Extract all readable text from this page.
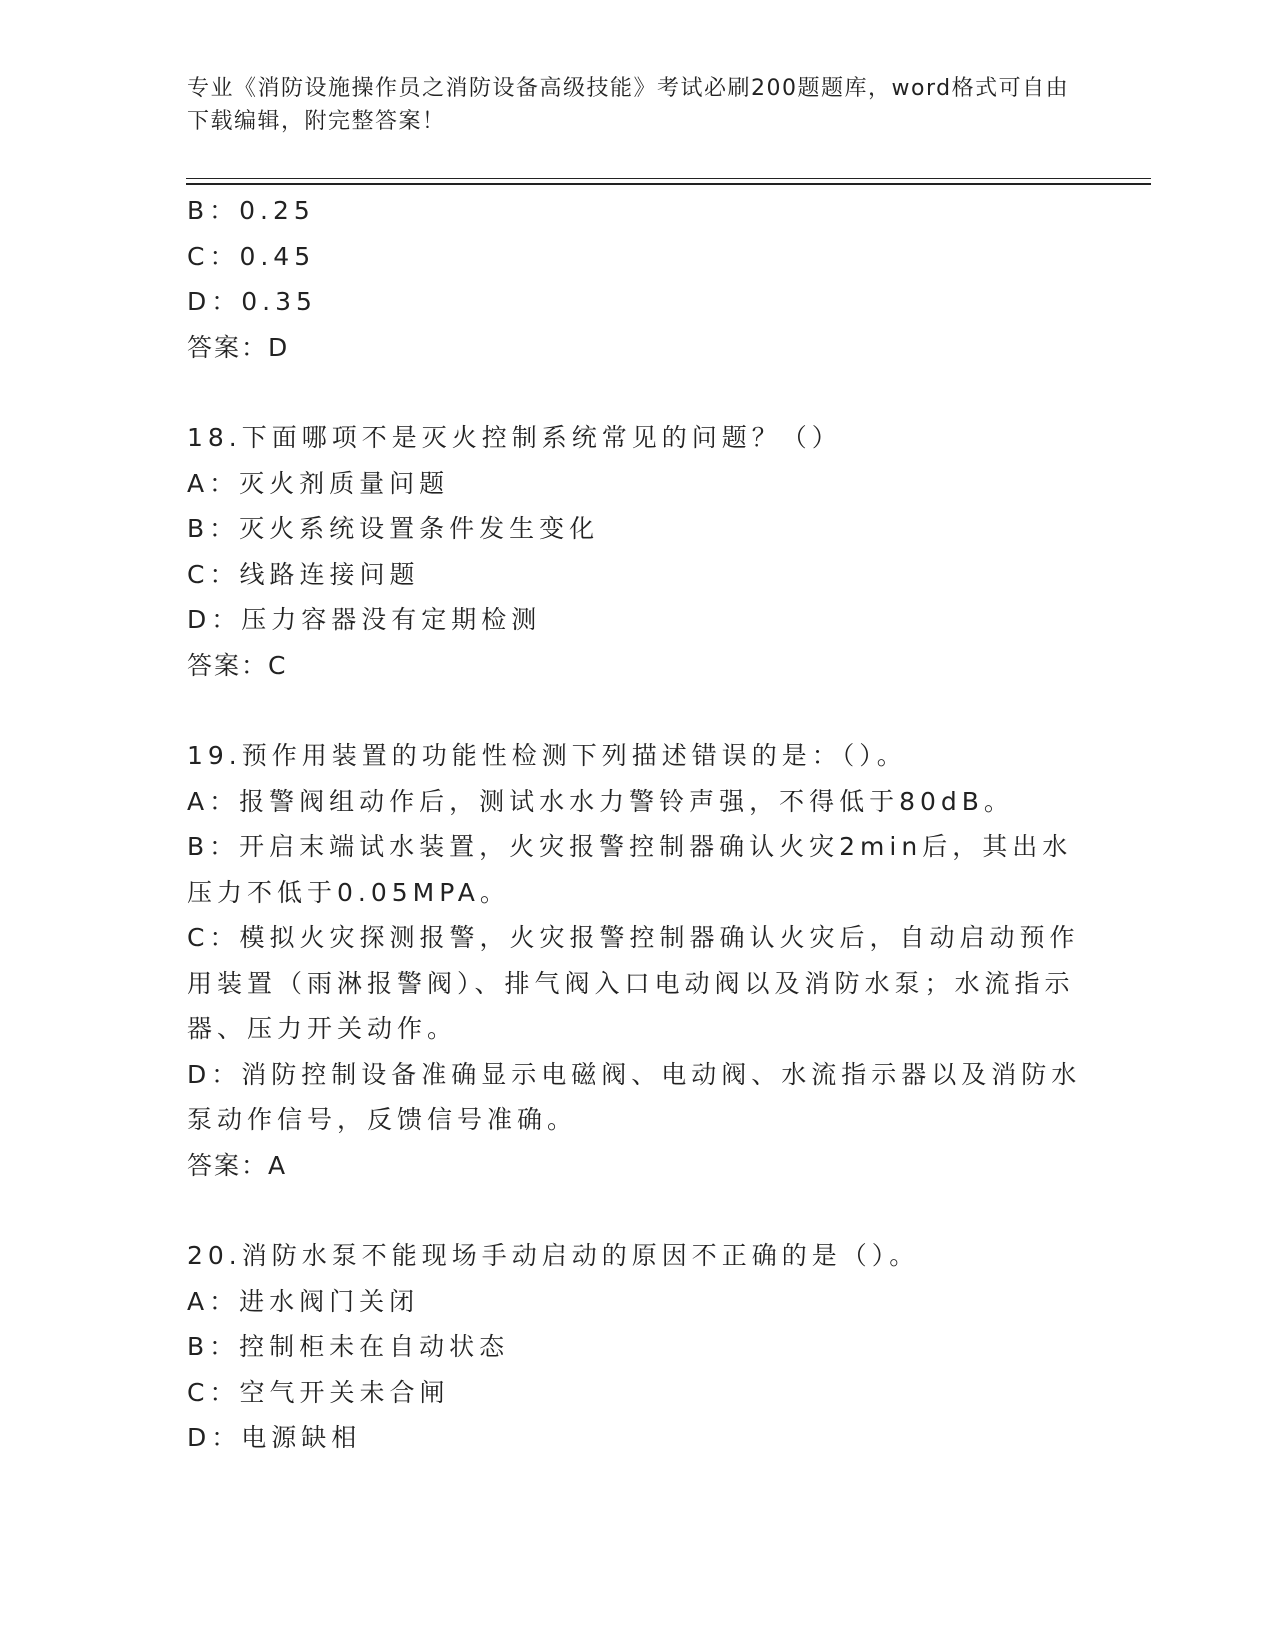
专业《消防设施操作员之消防设备高级技能》考试必刷200题题库，word格式可自由下载编辑，附完整答案！
B：0.25
C：0.45
D：0.35
答案：D
18.下面哪项不是灭火控制系统常见的问题？（）
A：灭火剂质量问题
B：灭火系统设置条件发生变化
C：线路连接问题
D：压力容器没有定期检测
答案：C
19.预作用装置的功能性检测下列描述错误的是：（）。
A：报警阀组动作后，测试水水力警铃声强，不得低于80dB。
B：开启末端试水装置，火灾报警控制器确认火灾2min后，其出水压力不低于0.05MPA。
C：模拟火灾探测报警，火灾报警控制器确认火灾后，自动启动预作用装置（雨淋报警阀）、排气阀入口电动阀以及消防水泵；水流指示器、压力开关动作。
D：消防控制设备准确显示电磁阀、电动阀、水流指示器以及消防水泵动作信号，反馈信号准确。
答案：A
20.消防水泵不能现场手动启动的原因不正确的是（）。
A：进水阀门关闭
B：控制柜未在自动状态
C：空气开关未合闸
D：电源缺相
